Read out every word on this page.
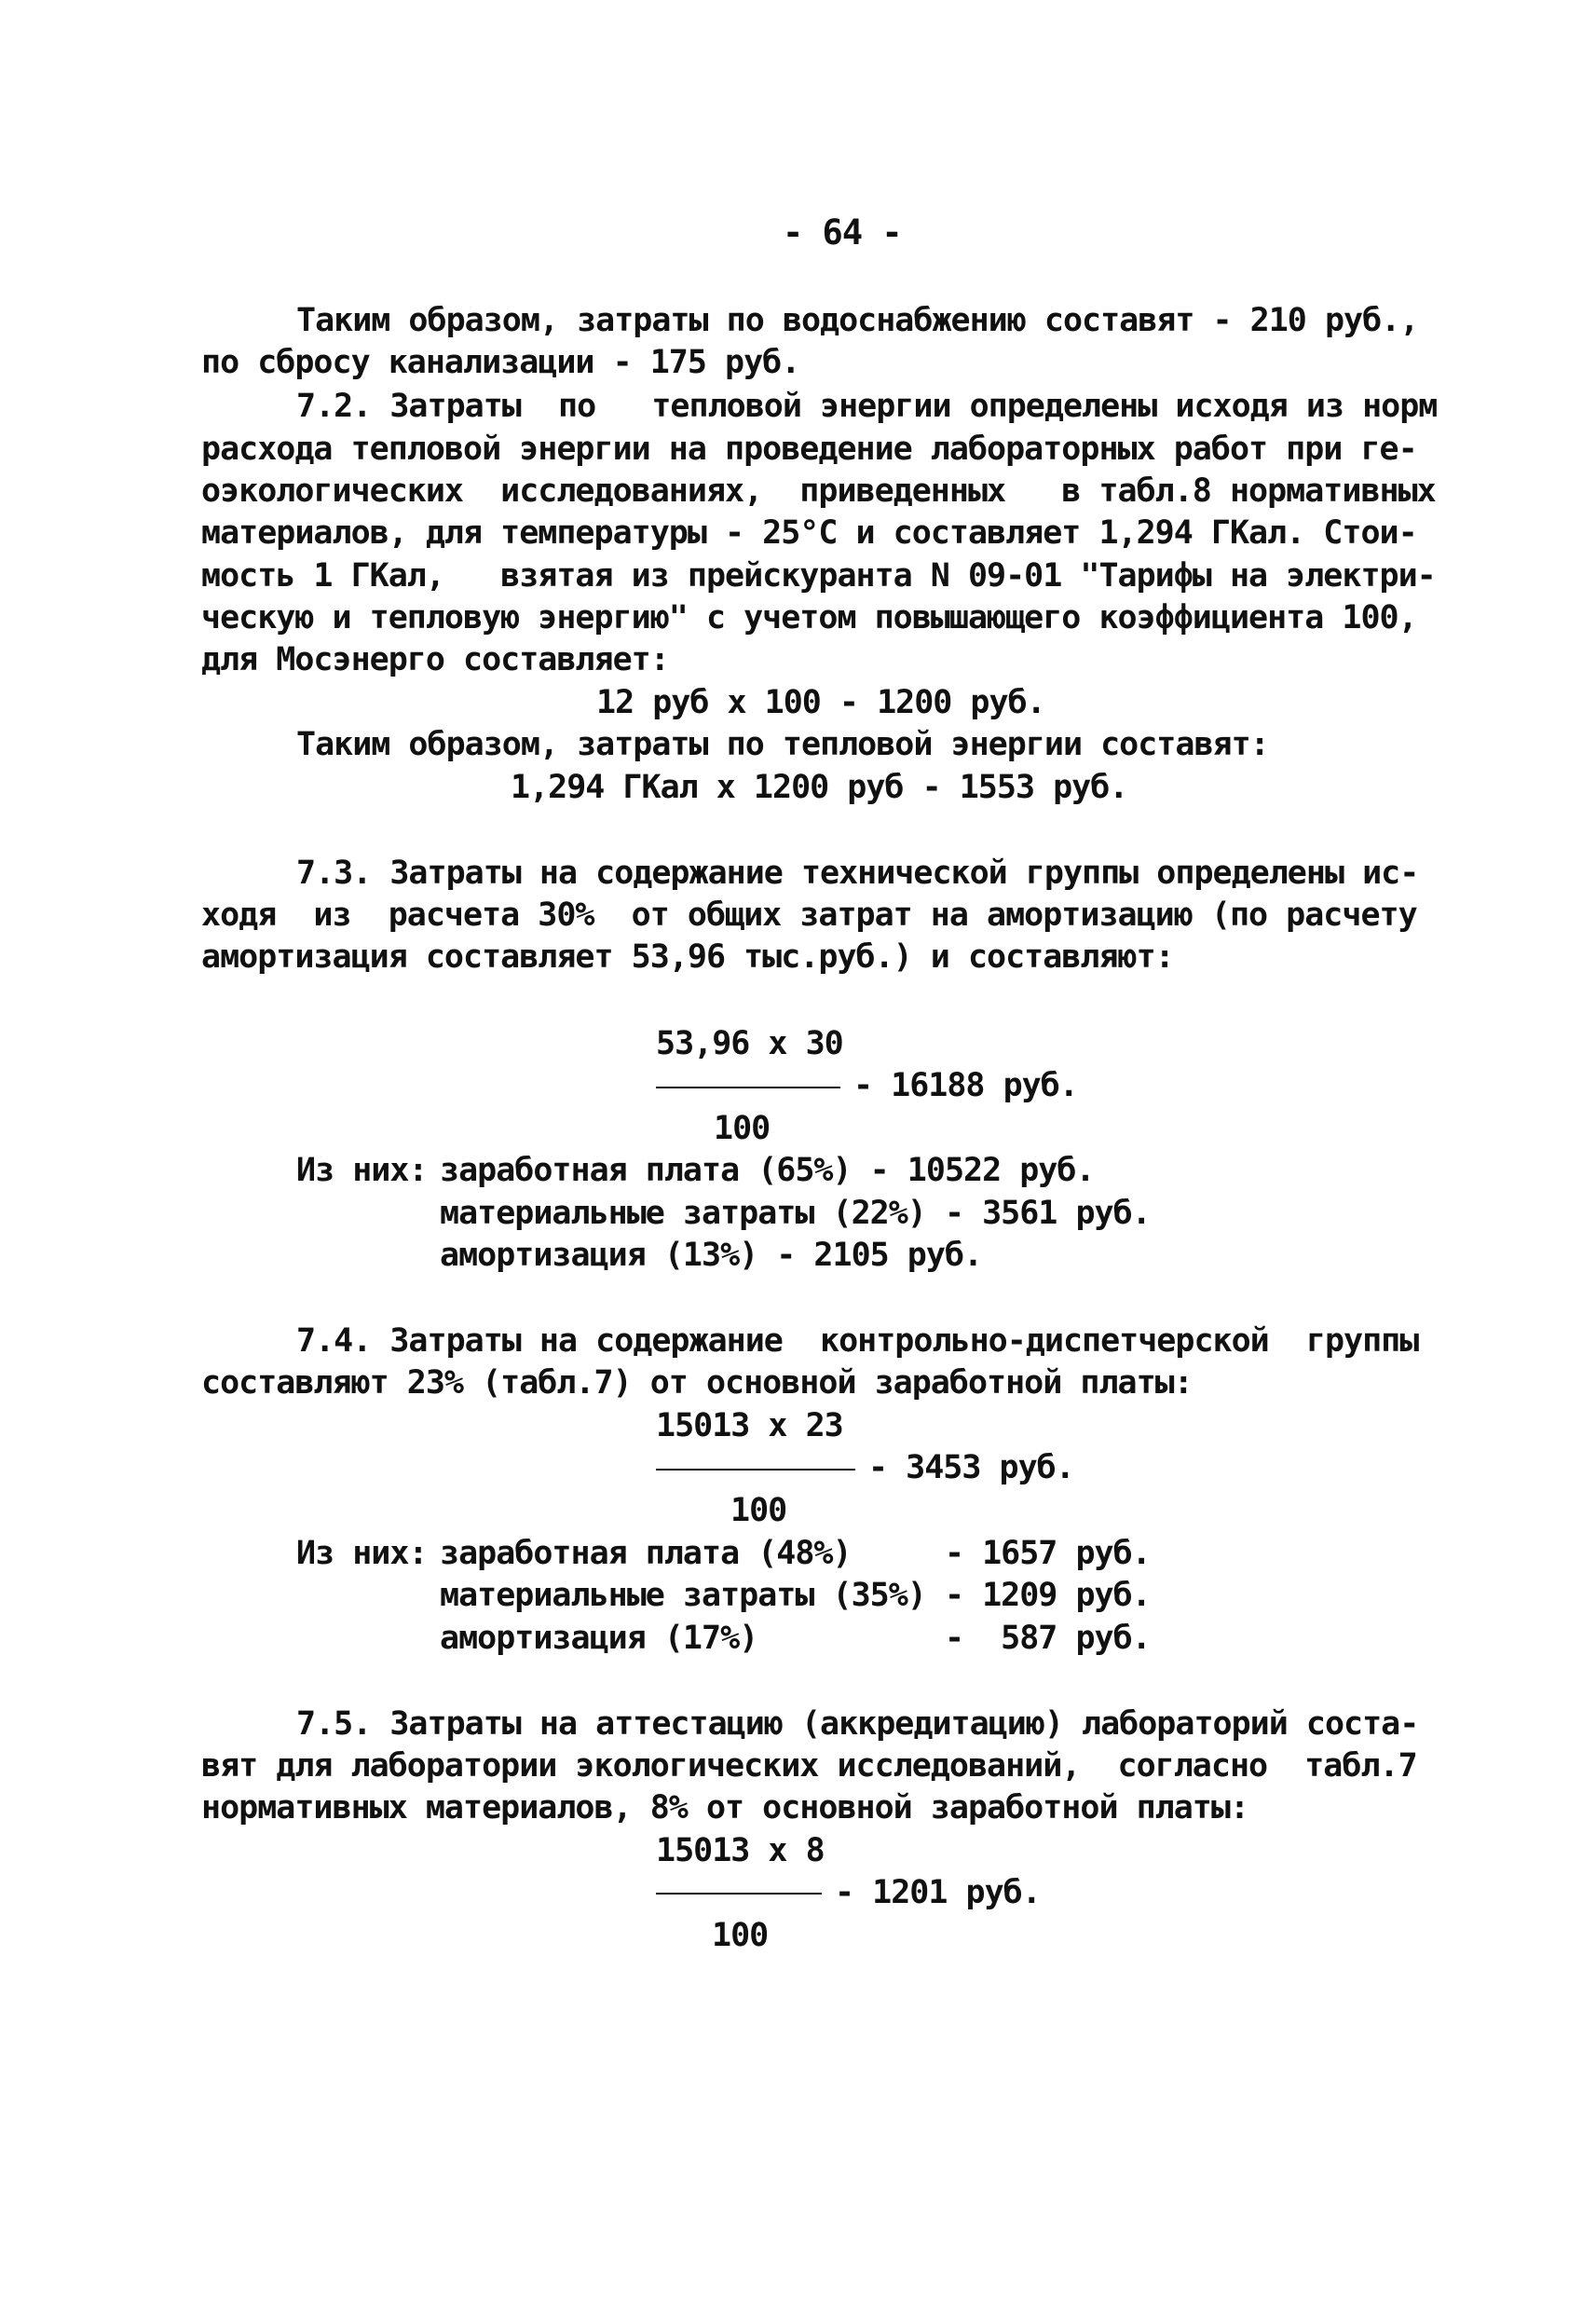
- 64 -
Таким образом, затраты по водоснабжению составят - 210 руб.,
по сбросу канализации - 175 руб.
7.2. Затраты  по   тепловой энергии определены исходя из норм
расхода тепловой энергии на проведение лабораторных работ при ге-
оэкологических  исследованиях,  приведенных   в табл.8 нормативных
материалов, для температуры - 25°С и составляет 1,294 ГКал. Стои-
мость 1 ГКал,   взятая из прейскуранта N 09-01 "Тарифы на электри-
ческую и тепловую энергию" с учетом повышающего коэффициента 100,
для Мосэнерго составляет:
12 руб x 100 - 1200 руб.
Таким образом, затраты по тепловой энергии составят:
1,294 ГКал x 1200 руб - 1553 руб.
7.3. Затраты на содержание технической группы определены ис-
ходя  из  расчета 30%  от общих затрат на амортизацию (по расчету
амортизация составляет 53,96 тыс.руб.) и составляют:
53,96 x 30
- 16188 руб.
100
Из них: заработная плата (65%) - 10522 руб.
материальные затраты (22%) - 3561 руб.
амортизация (13%) - 2105 руб.
7.4. Затраты на содержание  контрольно-диспетчерской  группы
составляют 23% (табл.7) от основной заработной платы:
15013 x 23
- 3453 руб.
100
Из них: заработная плата (48%)     - 1657 руб.
материальные затраты (35%) - 1209 руб.
амортизация (17%)          -  587 руб.
7.5. Затраты на аттестацию (аккредитацию) лабораторий соста-
вят для лаборатории экологических исследований,  согласно  табл.7
нормативных материалов, 8% от основной заработной платы:
15013 x 8
- 1201 руб.
100
